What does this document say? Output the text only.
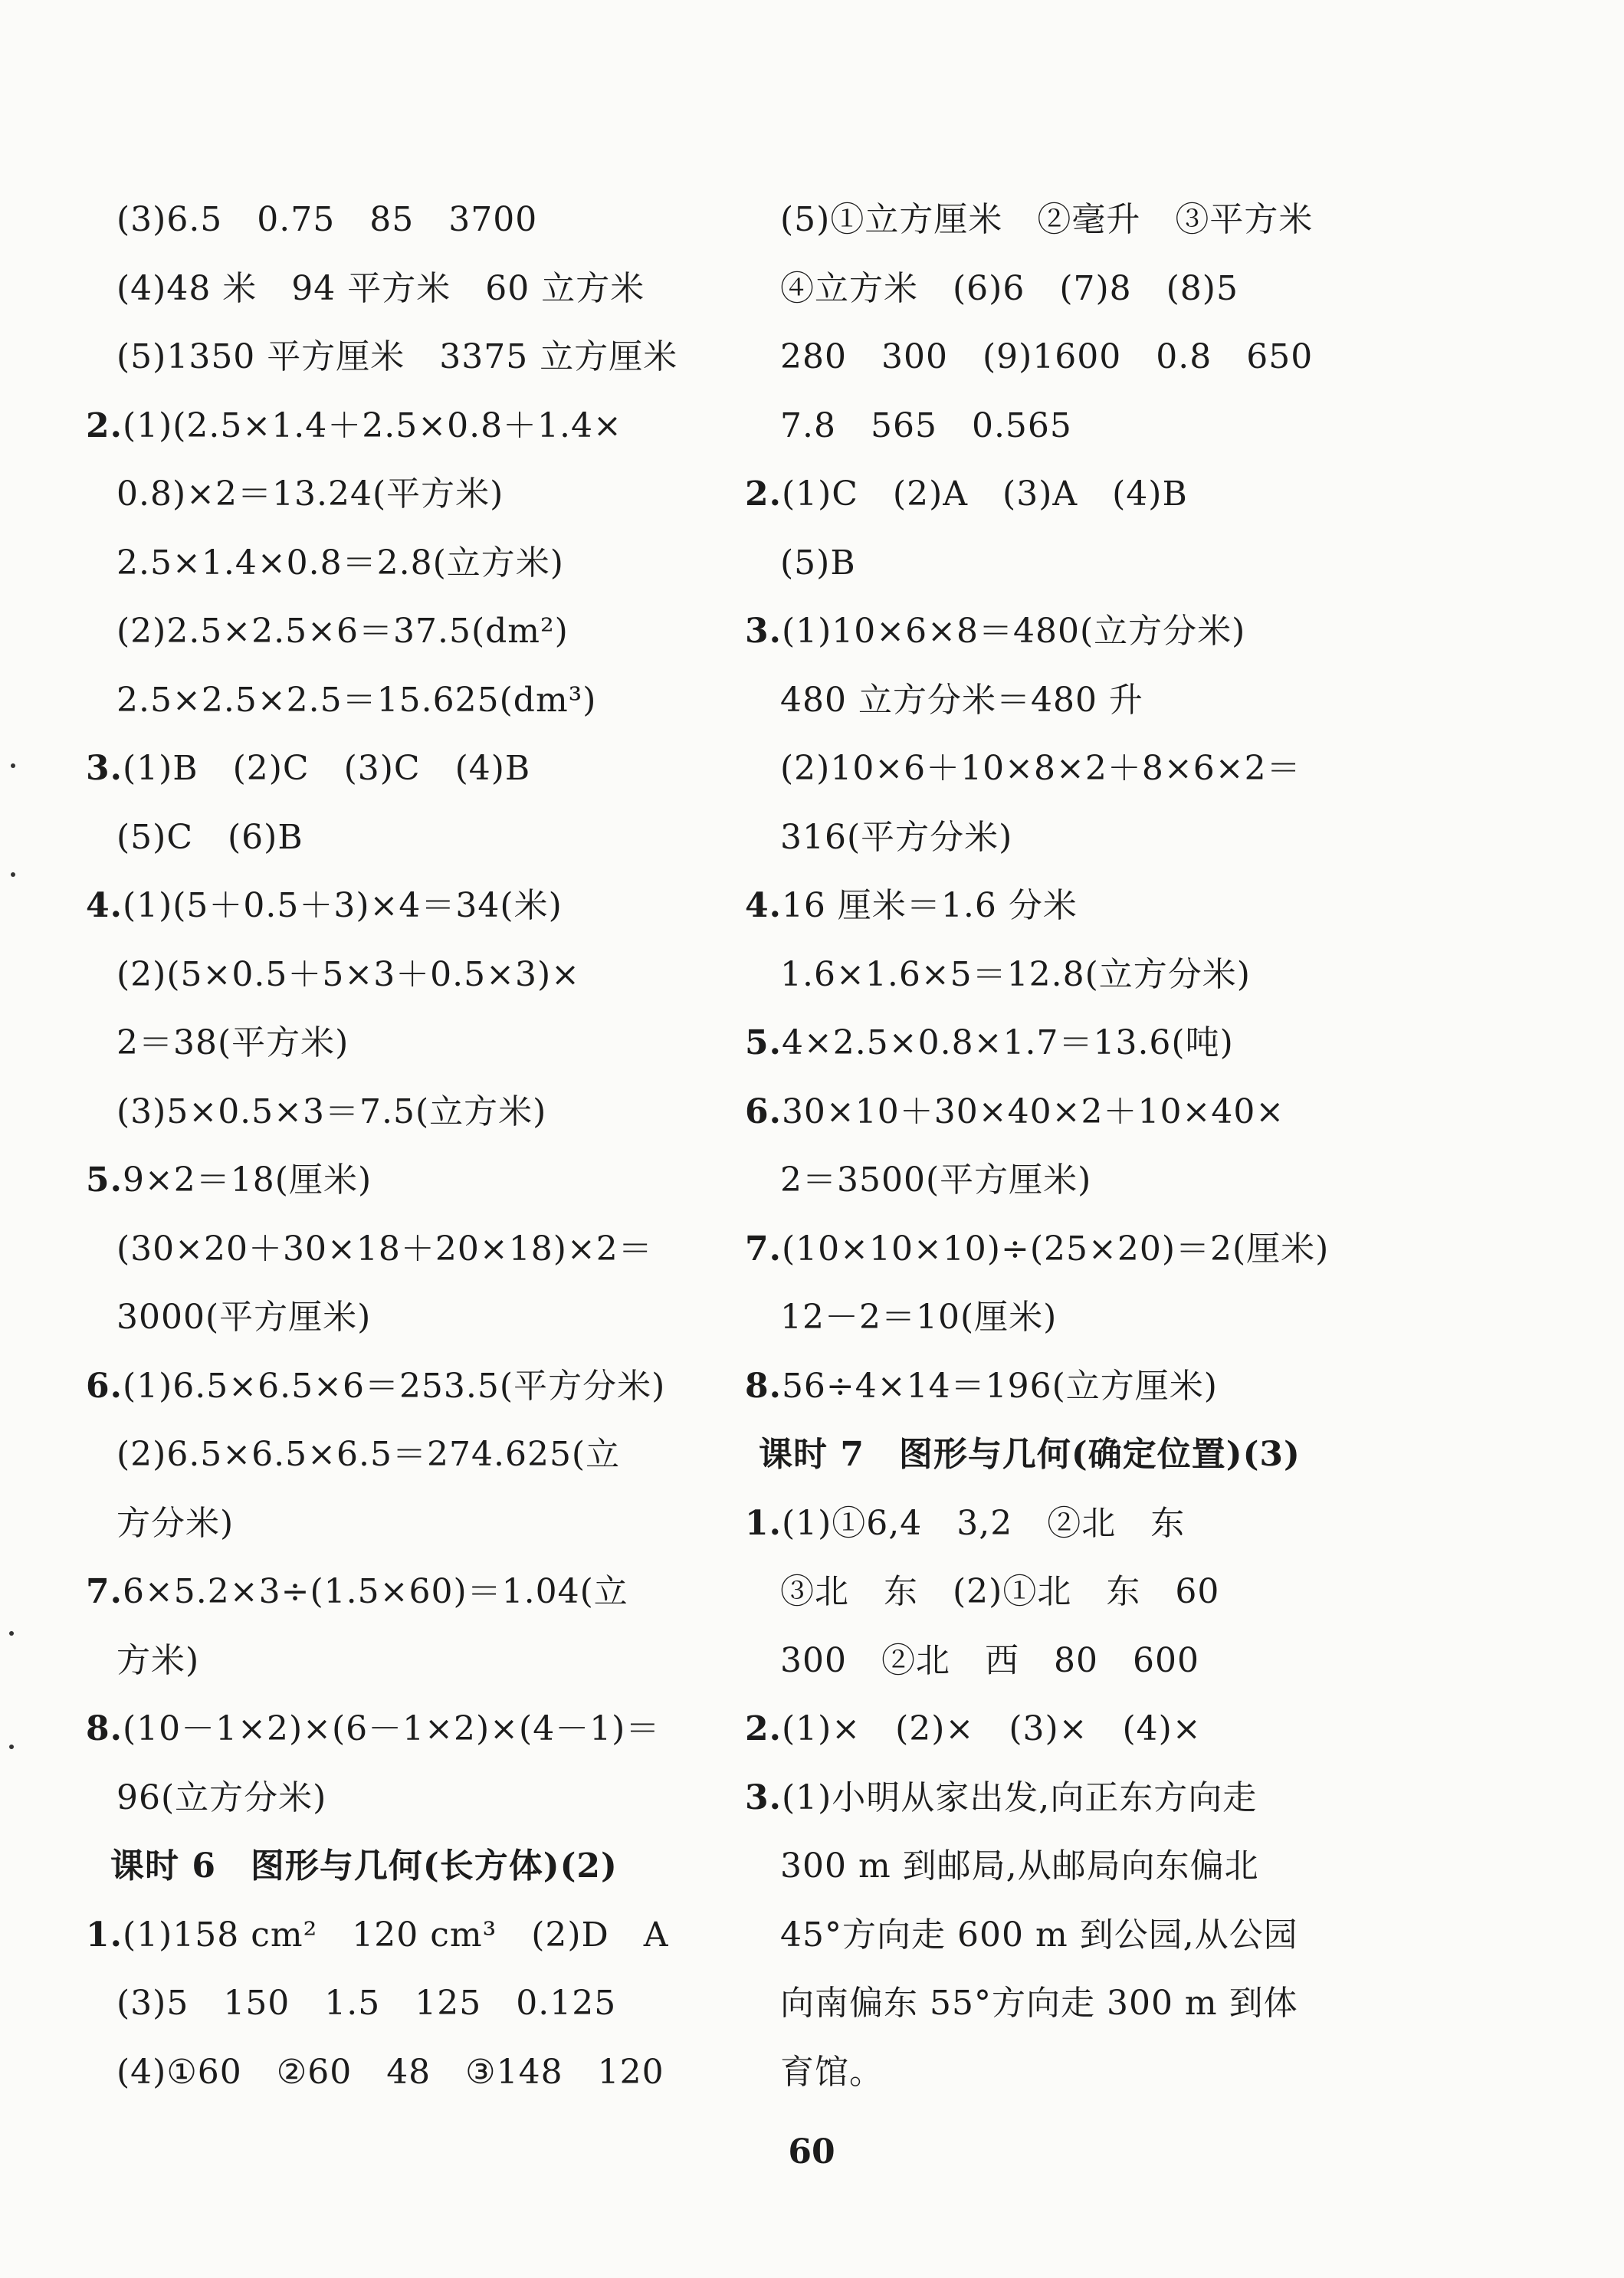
(3)6.5　0.75　85　3700
(4)48 米　94 平方米　60 立方米
(5)1350 平方厘米　3375 立方厘米
2.(1)(2.5×1.4＋2.5×0.8＋1.4×
0.8)×2＝13.24(平方米)
2.5×1.4×0.8＝2.8(立方米)
(2)2.5×2.5×6＝37.5(dm²)
2.5×2.5×2.5＝15.625(dm³)
3.(1)B　(2)C　(3)C　(4)B
(5)C　(6)B
4.(1)(5＋0.5＋3)×4＝34(米)
(2)(5×0.5＋5×3＋0.5×3)×
2＝38(平方米)
(3)5×0.5×3＝7.5(立方米)
5.9×2＝18(厘米)
(30×20＋30×18＋20×18)×2＝
3000(平方厘米)
6.(1)6.5×6.5×6＝253.5(平方分米)
(2)6.5×6.5×6.5＝274.625(立
方分米)
7.6×5.2×3÷(1.5×60)＝1.04(立
方米)
8.(10－1×2)×(6－1×2)×(4－1)＝
96(立方分米)
课时 6　图形与几何(长方体)(2)
1.(1)158 cm²　120 cm³　(2)D　A
(3)5　150　1.5　125　0.125
(4)①60　②60　48　③148　120
(5)①立方厘米　②毫升　③平方米
④立方米　(6)6　(7)8　(8)5
280　300　(9)1600　0.8　650
7.8　565　0.565
2.(1)C　(2)A　(3)A　(4)B
(5)B
3.(1)10×6×8＝480(立方分米)
480 立方分米＝480 升
(2)10×6＋10×8×2＋8×6×2＝
316(平方分米)
4.16 厘米＝1.6 分米
1.6×1.6×5＝12.8(立方分米)
5.4×2.5×0.8×1.7＝13.6(吨)
6.30×10＋30×40×2＋10×40×
2＝3500(平方厘米)
7.(10×10×10)÷(25×20)＝2(厘米)
12－2＝10(厘米)
8.56÷4×14＝196(立方厘米)
课时 7　图形与几何(确定位置)(3)
1.(1)①6,4　3,2　②北　东
③北　东　(2)①北　东　60
300　②北　西　80　600
2.(1)×　(2)×　(3)×　(4)×
3.(1)小明从家出发,向正东方向走
300 m 到邮局,从邮局向东偏北
45°方向走 600 m 到公园,从公园
向南偏东 55°方向走 300 m 到体
育馆。
60
